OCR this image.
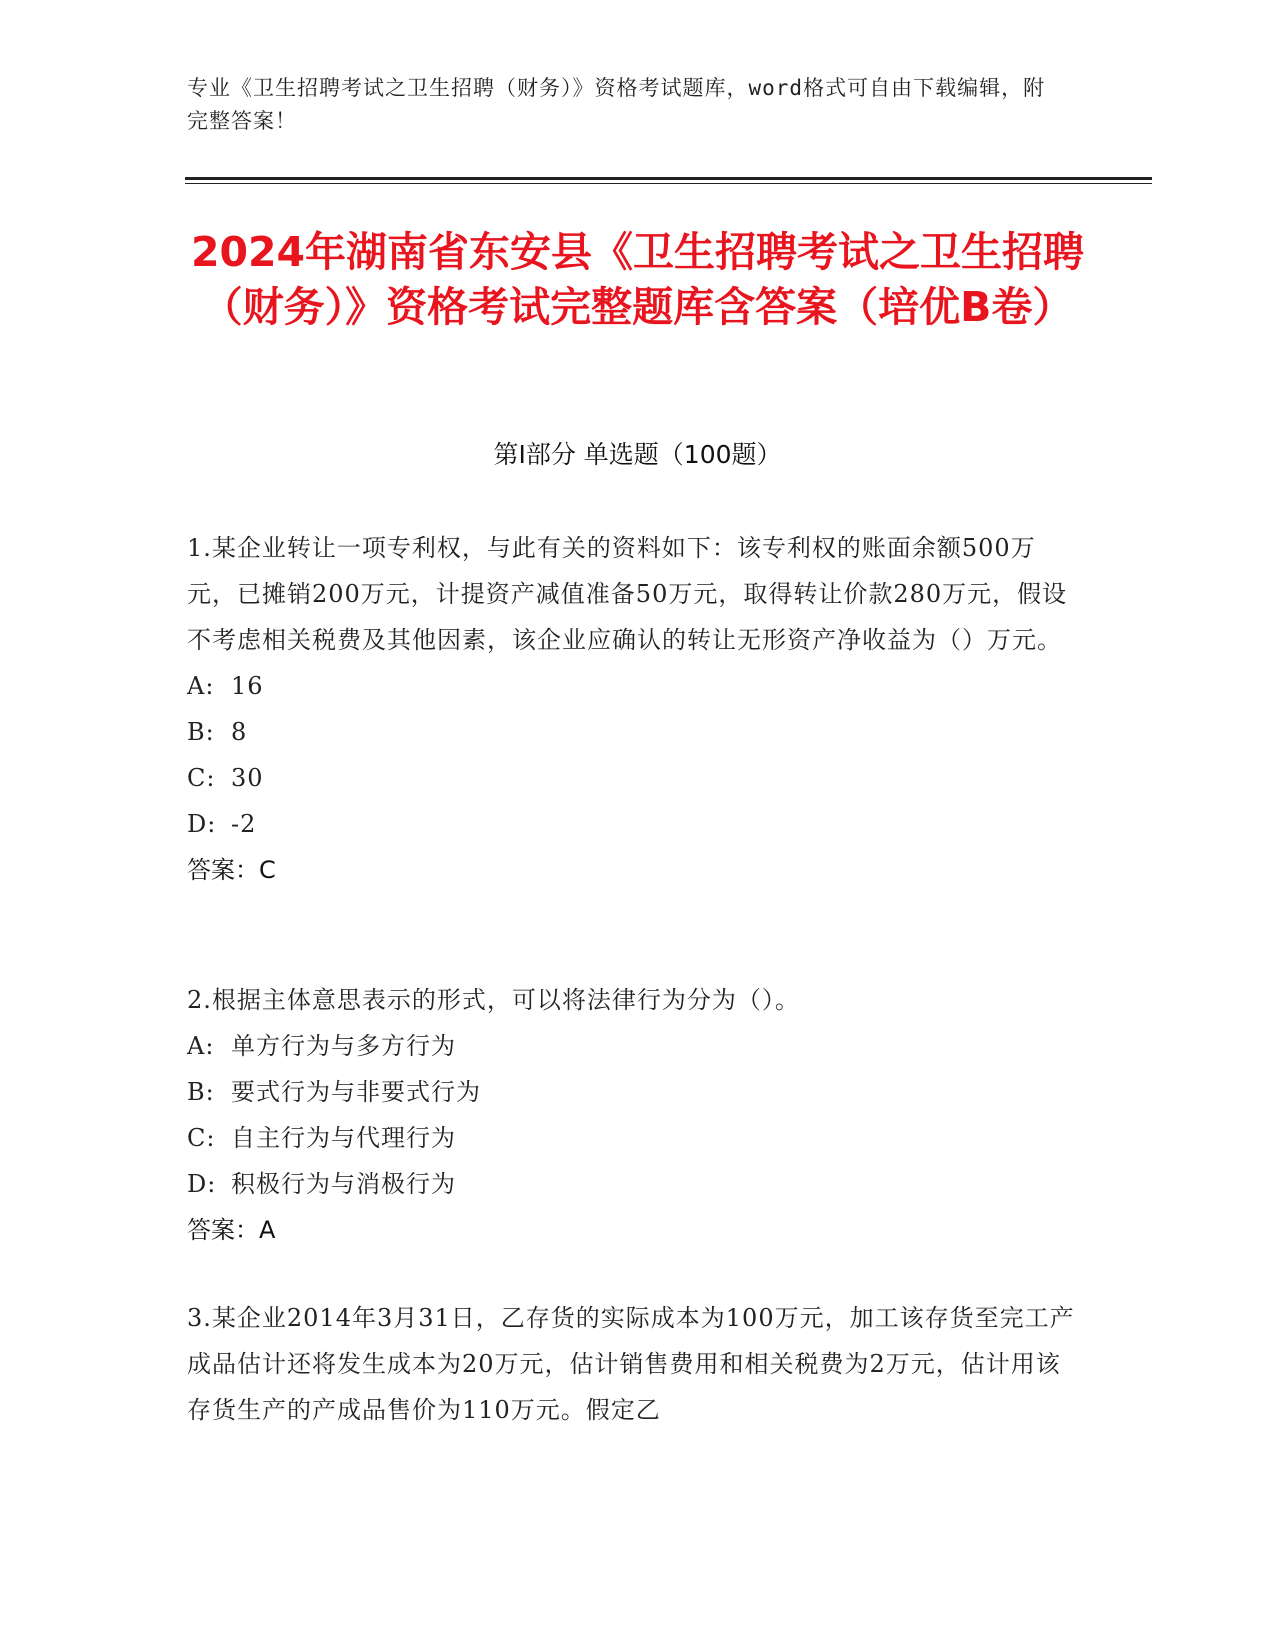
专业《卫生招聘考试之卫生招聘（财务）》资格考试题库，word格式可自由下载编辑，附完整答案！
2024年湖南省东安县《卫生招聘考试之卫生招聘（财务）》资格考试完整题库含答案（培优B卷）
第I部分 单选题（100题）
1.某企业转让一项专利权，与此有关的资料如下：该专利权的账面余额500万元，已摊销200万元，计提资产减值准备50万元，取得转让价款280万元，假设不考虑相关税费及其他因素，该企业应确认的转让无形资产净收益为（）万元。
A: 16
B: 8
C: 30
D: -2
答案：C
2.根据主体意思表示的形式，可以将法律行为分为（）。
A: 单方行为与多方行为
B: 要式行为与非要式行为
C: 自主行为与代理行为
D: 积极行为与消极行为
答案：A
3.某企业2014年3月31日，乙存货的实际成本为100万元，加工该存货至完工产成品估计还将发生成本为20万元，估计销售费用和相关税费为2万元，估计用该存货生产的产成品售价为110万元。假定乙
